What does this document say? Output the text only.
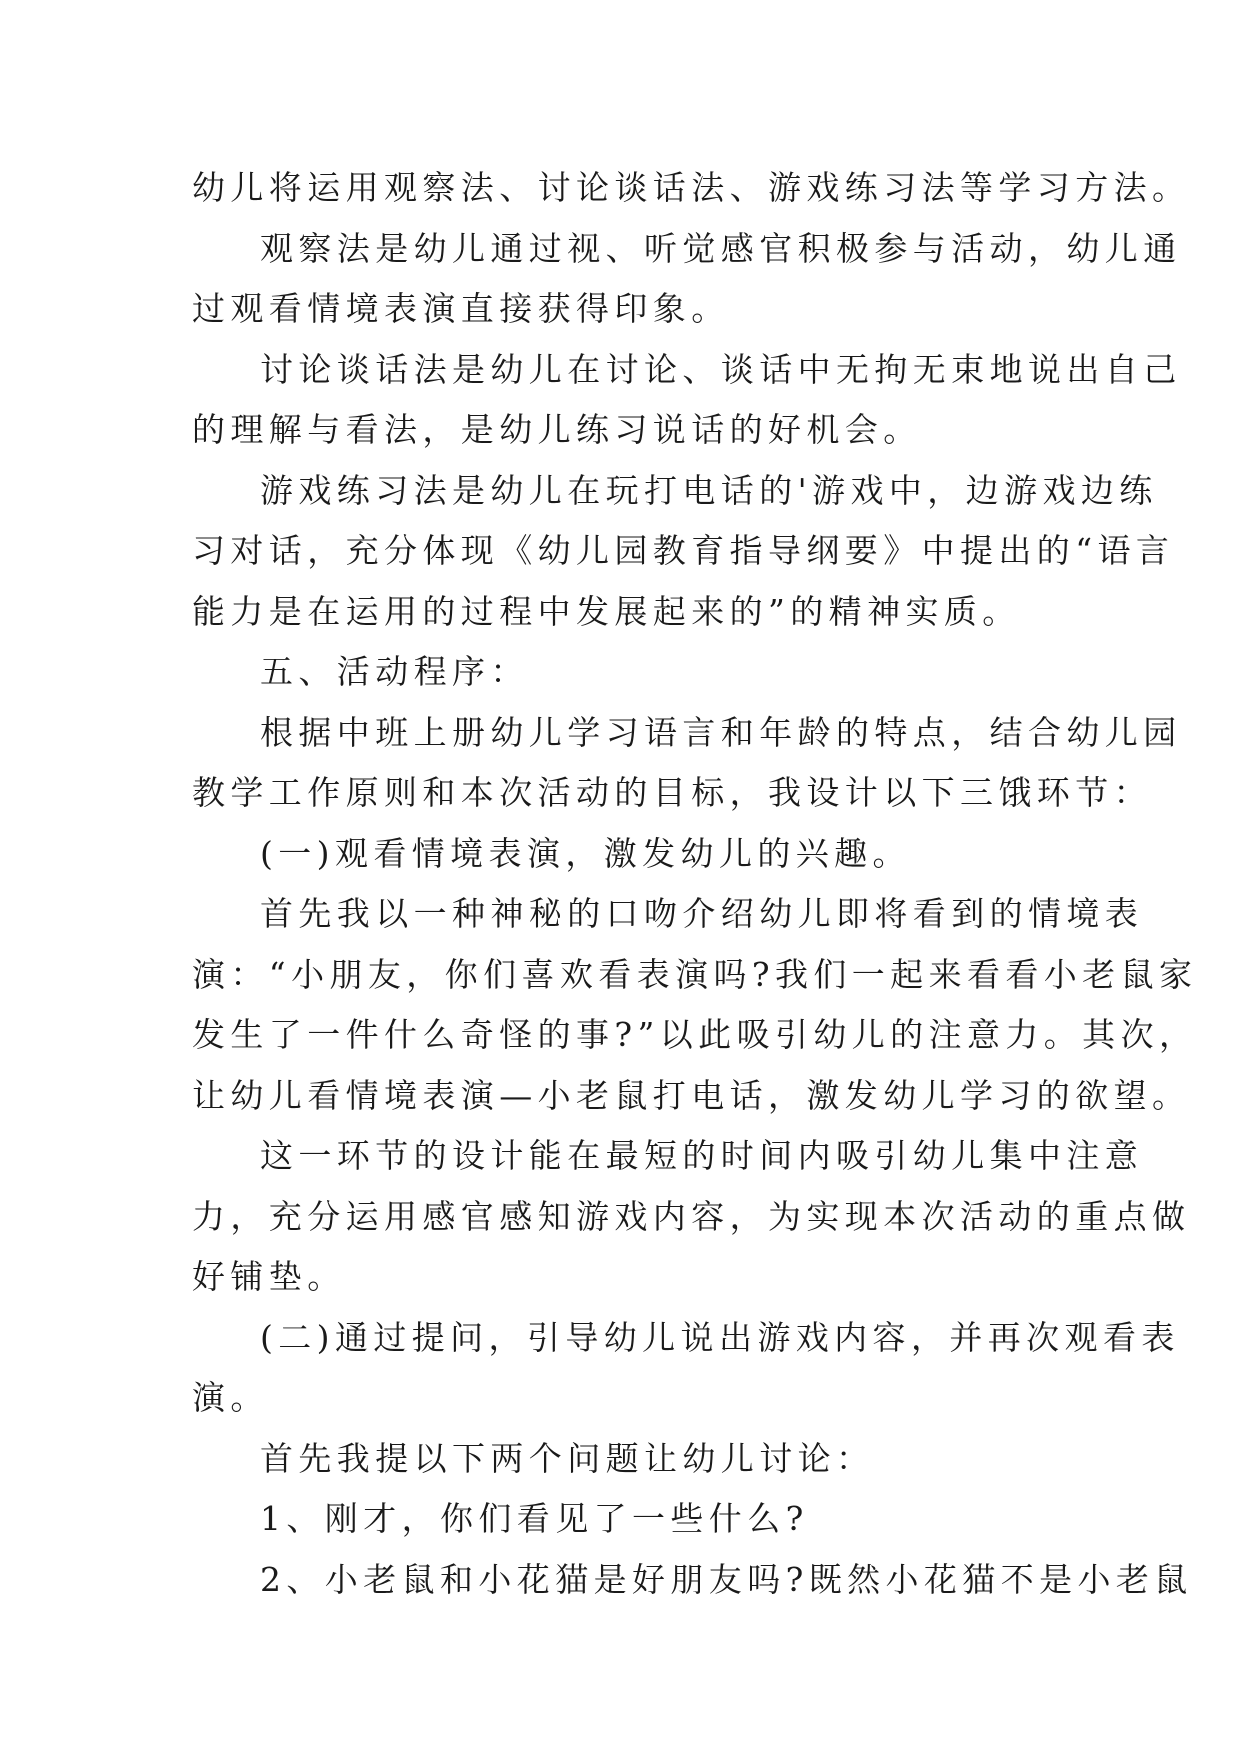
幼儿将运用观察法、讨论谈话法、游戏练习法等学习方法。
观察法是幼儿通过视、听觉感官积极参与活动，幼儿通
过观看情境表演直接获得印象。
讨论谈话法是幼儿在讨论、谈话中无拘无束地说出自己
的理解与看法，是幼儿练习说话的好机会。
游戏练习法是幼儿在玩打电话的'游戏中，边游戏边练
习对话，充分体现《幼儿园教育指导纲要》中提出的“语言
能力是在运用的过程中发展起来的”的精神实质。
五、活动程序：
根据中班上册幼儿学习语言和年龄的特点，结合幼儿园
教学工作原则和本次活动的目标，我设计以下三饿环节：
(一)观看情境表演，激发幼儿的兴趣。
首先我以一种神秘的口吻介绍幼儿即将看到的情境表
演：“小朋友，你们喜欢看表演吗?我们一起来看看小老鼠家
发生了一件什么奇怪的事?”以此吸引幼儿的注意力。其次，
让幼儿看情境表演—小老鼠打电话，激发幼儿学习的欲望。
这一环节的设计能在最短的时间内吸引幼儿集中注意
力，充分运用感官感知游戏内容，为实现本次活动的重点做
好铺垫。
(二)通过提问，引导幼儿说出游戏内容，并再次观看表
演。
首先我提以下两个问题让幼儿讨论：
1、刚才，你们看见了一些什么?
2、小老鼠和小花猫是好朋友吗?既然小花猫不是小老鼠
